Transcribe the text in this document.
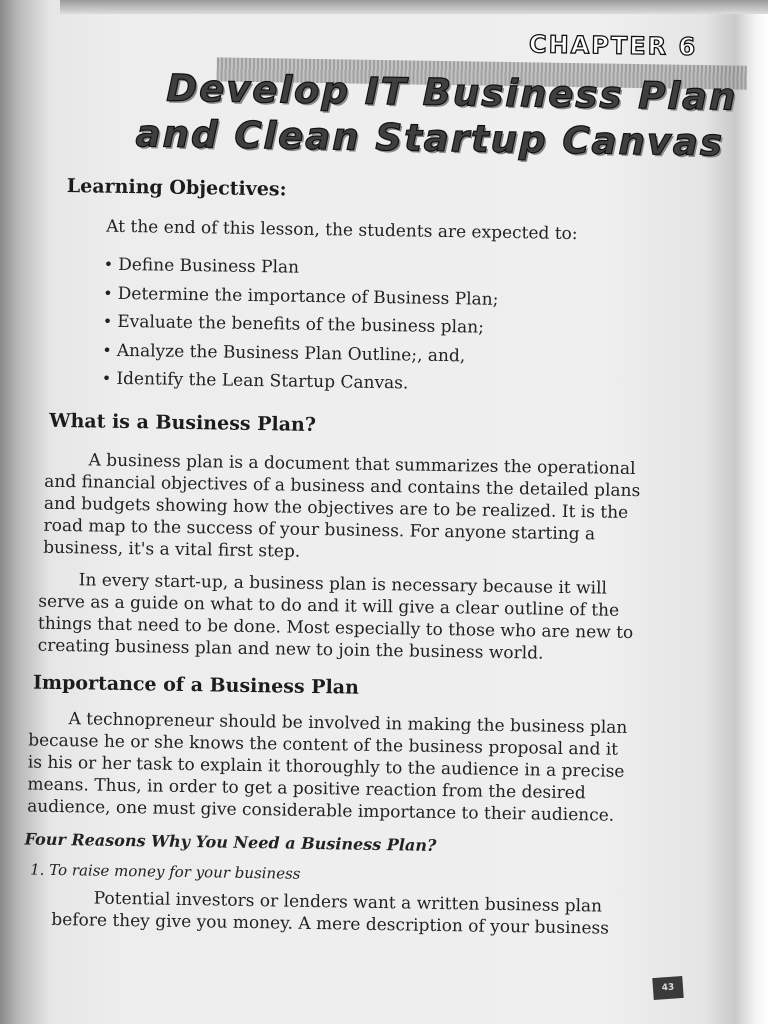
CHAPTER 6
Develop IT Business Plan
and Clean Startup Canvas
Learning Objectives:

At the end of this lesson, the students are expected to:

• Define Business Plan
• Determine the importance of Business Plan;
• Evaluate the benefits of the business plan;
• Analyze the Business Plan Outline;, and,
• Identify the Lean Startup Canvas.
What is a Business Plan?

A business plan is a document that summarizes the operational

and financial objectives of a business and contains the detailed plans

and budgets showing how the objectives are to be realized. It is the

road map to the success of your business. For anyone starting a

business, it's a vital first step.

In every start-up, a business plan is necessary because it will

serve as a guide on what to do and it will give a clear outline of the

things that need to be done. Most especially to those who are new to

creating business plan and new to join the business world.

Importance of a Business Plan

A technopreneur should be involved in making the business plan

because he or she knows the content of the business proposal and it

is his or her task to explain it thoroughly to the audience in a precise

means. Thus, in order to get a positive reaction from the desired

audience, one must give considerable importance to their audience.

Four Reasons Why You Need a Business Plan?

1. To raise money for your business

Potential investors or lenders want a written business plan

before they give you money. A mere description of your business

43
